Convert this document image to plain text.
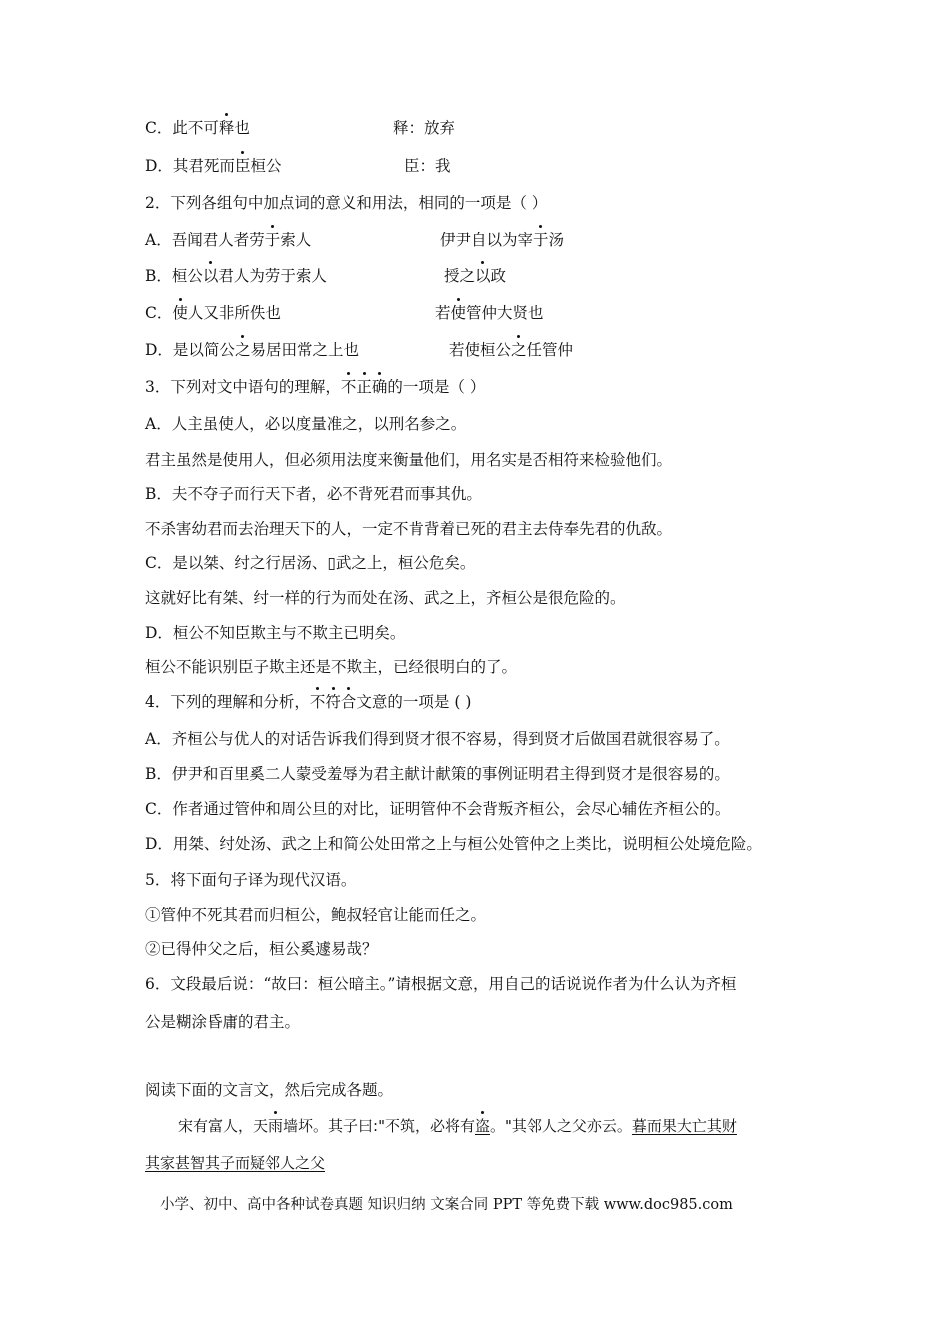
C．此不可释也	释：放弃
D．其君死而臣桓公	臣：我
2．下列各组句中加点词的意义和用法，相同的一项是（ ）
A．吾闻君人者劳于索人	伊尹自以为宰于汤
B．桓公以君人为劳于索人	授之以政
C．使人又非所佚也	若使管仲大贤也
D．是以简公之易居田常之上也	若使桓公之任管仲
3．下列对文中语句的理解，不正确的一项是（ ）
A．人主虽使人，必以度量准之，以刑名参之。
君主虽然是使用人，但必须用法度来衡量他们，用名实是否相符来检验他们。
B．夫不夺子而行天下者，必不背死君而事其仇。
不杀害幼君而去治理天下的人，一定不肯背着已死的君主去侍奉先君的仇敌。
C．是以桀、纣之行居汤、▯武之上，桓公危矣。
这就好比有桀、纣一样的行为而处在汤、武之上，齐桓公是很危险的。
D．桓公不知臣欺主与不欺主已明矣。
桓公不能识别臣子欺主还是不欺主，已经很明白的了。
4．下列的理解和分析，不符合文意的一项是 ( )
A．齐桓公与优人的对话告诉我们得到贤才很不容易，得到贤才后做国君就很容易了。
B．伊尹和百里奚二人蒙受羞辱为君主献计献策的事例证明君主得到贤才是很容易的。
C．作者通过管仲和周公旦的对比，证明管仲不会背叛齐桓公，会尽心辅佐齐桓公的。
D．用桀、纣处汤、武之上和简公处田常之上与桓公处管仲之上类比，说明桓公处境危险。
5．将下面句子译为现代汉语。
①管仲不死其君而归桓公，鲍叔轻官让能而任之。
②已得仲父之后，桓公奚遽易哉？
6．文段最后说：“故曰：桓公暗主。”请根据文意，用自己的话说说作者为什么认为齐桓
公是糊涂昏庸的君主。
阅读下面的文言文，然后完成各题。
宋有富人，天雨墙坏。其子曰:"不筑，必将有盗。"其邻人之父亦云。暮而果大亡其财
其家甚智其子而疑邻人之父
小学、初中、高中各种试卷真题 知识归纳 文案合同 PPT 等免费下载 www.doc985.com
